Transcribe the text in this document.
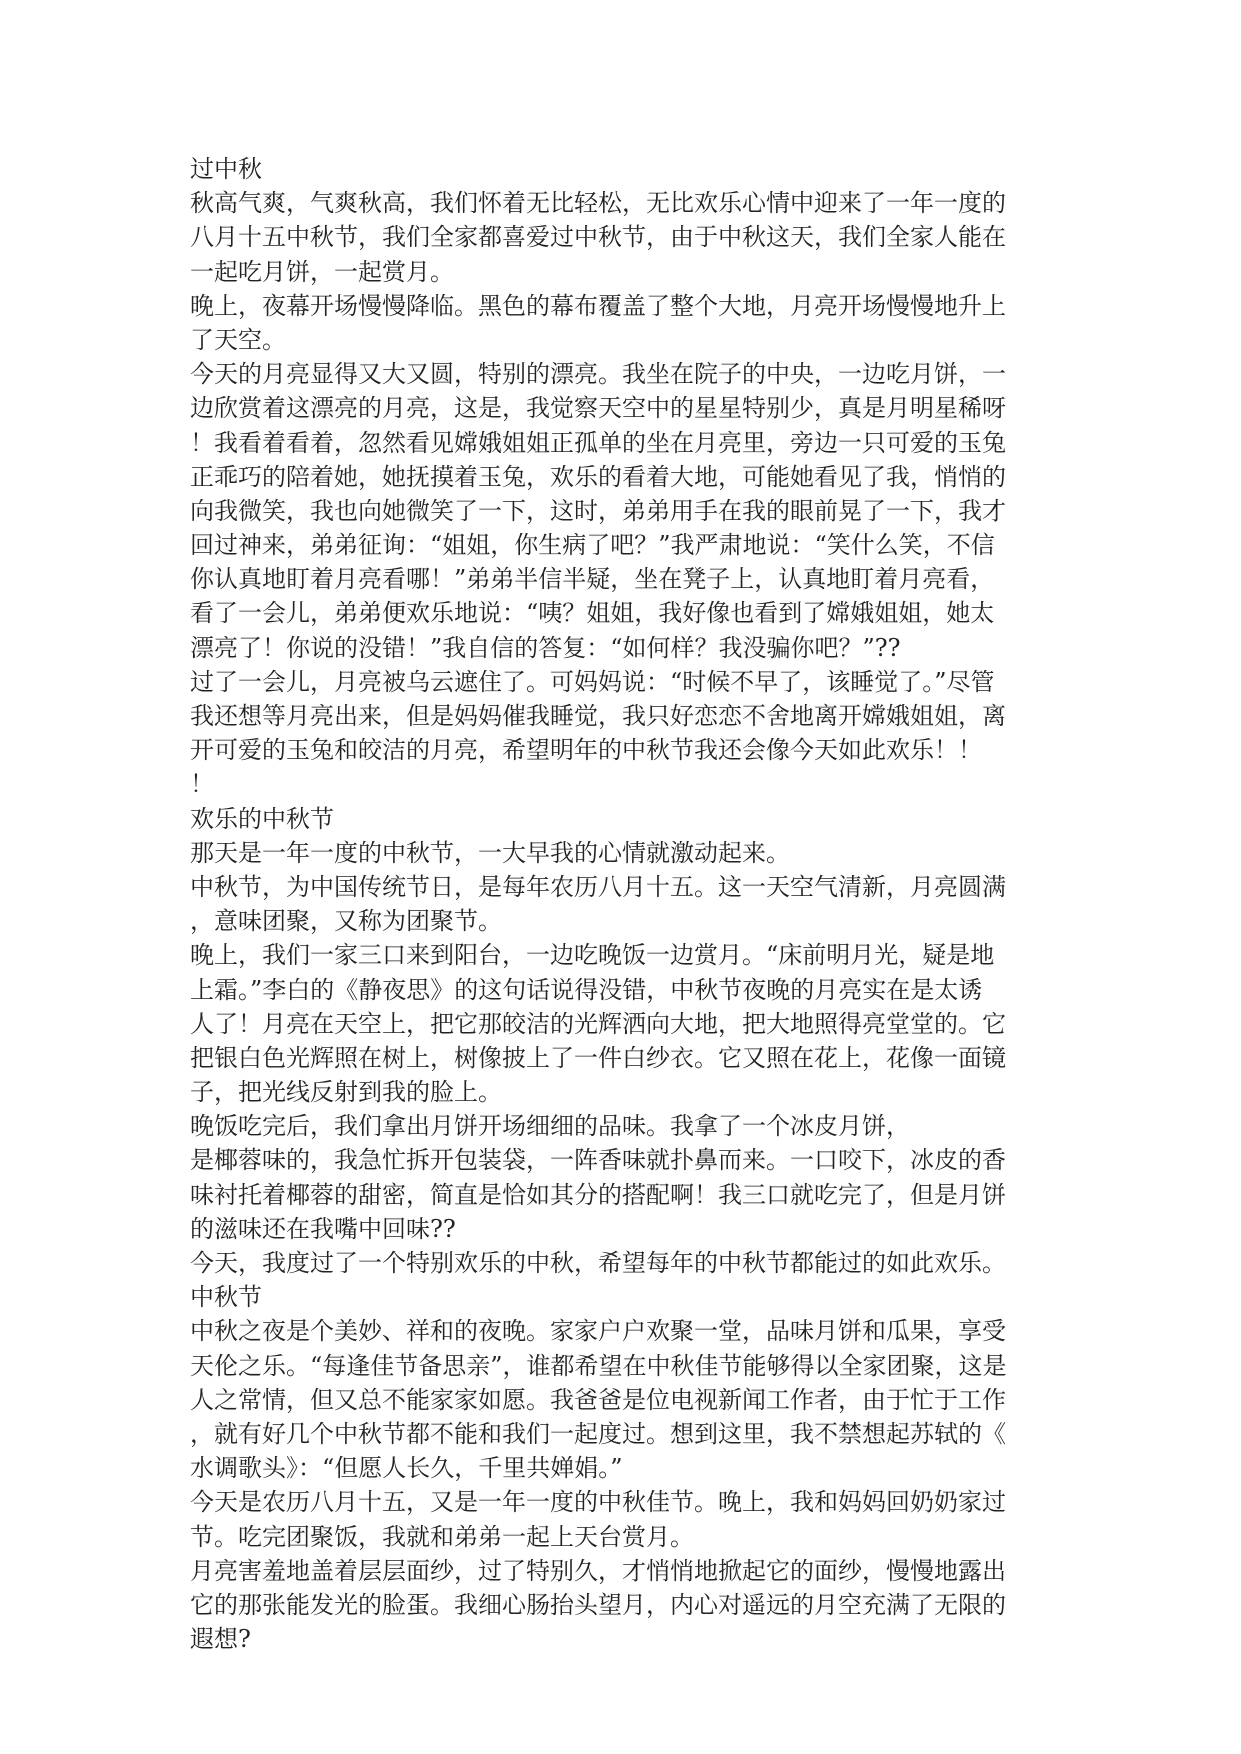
过中秋
秋高气爽，气爽秋高，我们怀着无比轻松，无比欢乐心情中迎来了一年一度的
八月十五中秋节，我们全家都喜爱过中秋节，由于中秋这天，我们全家人能在
一起吃月饼，一起赏月。
晚上，夜幕开场慢慢降临。黑色的幕布覆盖了整个大地，月亮开场慢慢地升上
了天空。
今天的月亮显得又大又圆，特别的漂亮。我坐在院子的中央，一边吃月饼，一
边欣赏着这漂亮的月亮，这是，我觉察天空中的星星特别少，真是月明星稀呀
！我看着看着，忽然看见嫦娥姐姐正孤单的坐在月亮里，旁边一只可爱的玉兔
正乖巧的陪着她，她抚摸着玉兔，欢乐的看着大地，可能她看见了我，悄悄的
向我微笑，我也向她微笑了一下，这时，弟弟用手在我的眼前晃了一下，我才
回过神来，弟弟征询：“姐姐，你生病了吧？”我严肃地说：“笑什么笑，不信
你认真地盯着月亮看哪！”弟弟半信半疑，坐在凳子上，认真地盯着月亮看，
看了一会儿，弟弟便欢乐地说：“咦？姐姐，我好像也看到了嫦娥姐姐，她太
漂亮了！你说的没错！”我自信的答复：“如何样？我没骗你吧？”??
过了一会儿，月亮被乌云遮住了。可妈妈说：“时候不早了，该睡觉了。”尽管
我还想等月亮出来，但是妈妈催我睡觉，我只好恋恋不舍地离开嫦娥姐姐，离
开可爱的玉兔和皎洁的月亮，希望明年的中秋节我还会像今天如此欢乐！！
！
欢乐的中秋节
那天是一年一度的中秋节，一大早我的心情就激动起来。
中秋节，为中国传统节日，是每年农历八月十五。这一天空气清新，月亮圆满
，意味团聚，又称为团聚节。
晚上，我们一家三口来到阳台，一边吃晚饭一边赏月。“床前明月光，疑是地
上霜。”李白的《静夜思》的这句话说得没错，中秋节夜晚的月亮实在是太诱
人了！月亮在天空上，把它那皎洁的光辉洒向大地，把大地照得亮堂堂的。它
把银白色光辉照在树上，树像披上了一件白纱衣。它又照在花上，花像一面镜
子，把光线反射到我的脸上。
晚饭吃完后，我们拿出月饼开场细细的品味。我拿了一个冰皮月饼，
是椰蓉味的，我急忙拆开包装袋，一阵香味就扑鼻而来。一口咬下，冰皮的香
味衬托着椰蓉的甜密，简直是恰如其分的搭配啊！我三口就吃完了，但是月饼
的滋味还在我嘴中回味??
今天，我度过了一个特别欢乐的中秋，希望每年的中秋节都能过的如此欢乐。
中秋节
中秋之夜是个美妙、祥和的夜晚。家家户户欢聚一堂，品味月饼和瓜果，享受
天伦之乐。“每逢佳节备思亲”，谁都希望在中秋佳节能够得以全家团聚，这是
人之常情，但又总不能家家如愿。我爸爸是位电视新闻工作者，由于忙于工作
，就有好几个中秋节都不能和我们一起度过。想到这里，我不禁想起苏轼的《
水调歌头》：“但愿人长久，千里共婵娟。”
今天是农历八月十五，又是一年一度的中秋佳节。晚上，我和妈妈回奶奶家过
节。吃完团聚饭，我就和弟弟一起上天台赏月。
月亮害羞地盖着层层面纱，过了特别久，才悄悄地掀起它的面纱，慢慢地露出
它的那张能发光的脸蛋。我细心肠抬头望月，内心对遥远的月空充满了无限的
遐想?
